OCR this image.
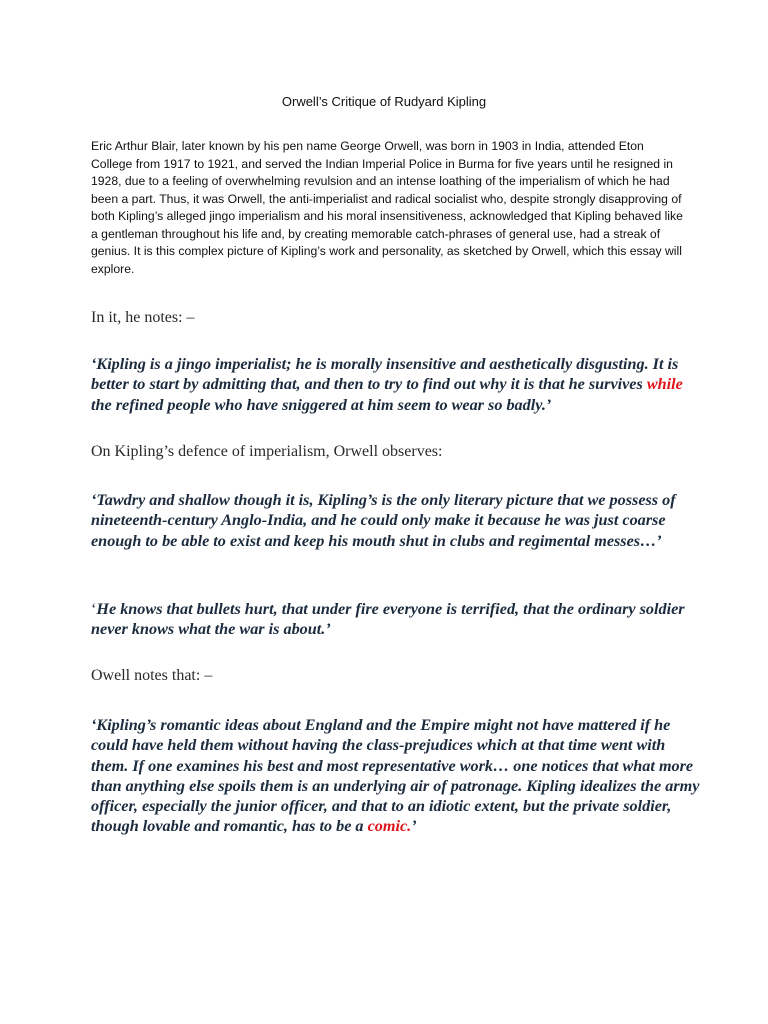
Orwell’s Critique of Rudyard Kipling

Eric Arthur Blair, later known by his pen name George Orwell, was born in 1903 in India, attended Eton College from 1917 to 1921, and served the Indian Imperial Police in Burma for five years until he resigned in 1928, due to a feeling of overwhelming revulsion and an intense loathing of the imperialism of which he had been a part. Thus, it was Orwell, the anti-imperialist and radical socialist who, despite strongly disapproving of both Kipling’s alleged jingo imperialism and his moral insensitiveness, acknowledged that Kipling behaved like a gentleman throughout his life and, by creating memorable catch-phrases of general use, had a streak of genius. It is this complex picture of Kipling’s work and personality, as sketched by Orwell, which this essay will explore.

In it, he notes: –

‘Kipling is a jingo imperialist; he is morally insensitive and aesthetically disgusting. It is better to start by admitting that, and then to try to find out why it is that he survives while the refined people who have sniggered at him seem to wear so badly.’

On Kipling’s defence of imperialism, Orwell observes:

‘Tawdry and shallow though it is, Kipling’s is the only literary picture that we possess of nineteenth-century Anglo-India, and he could only make it because he was just coarse enough to be able to exist and keep his mouth shut in clubs and regimental messes…’

‘He knows that bullets hurt, that under fire everyone is terrified, that the ordinary soldier never knows what the war is about.’

Owell notes that: –

‘Kipling’s romantic ideas about England and the Empire might not have mattered if he could have held them without having the class-prejudices which at that time went with them. If one examines his best and most representative work… one notices that what more than anything else spoils them is an underlying air of patronage. Kipling idealizes the army officer, especially the junior officer, and that to an idiotic extent, but the private soldier, though lovable and romantic, has to be a comic.’
